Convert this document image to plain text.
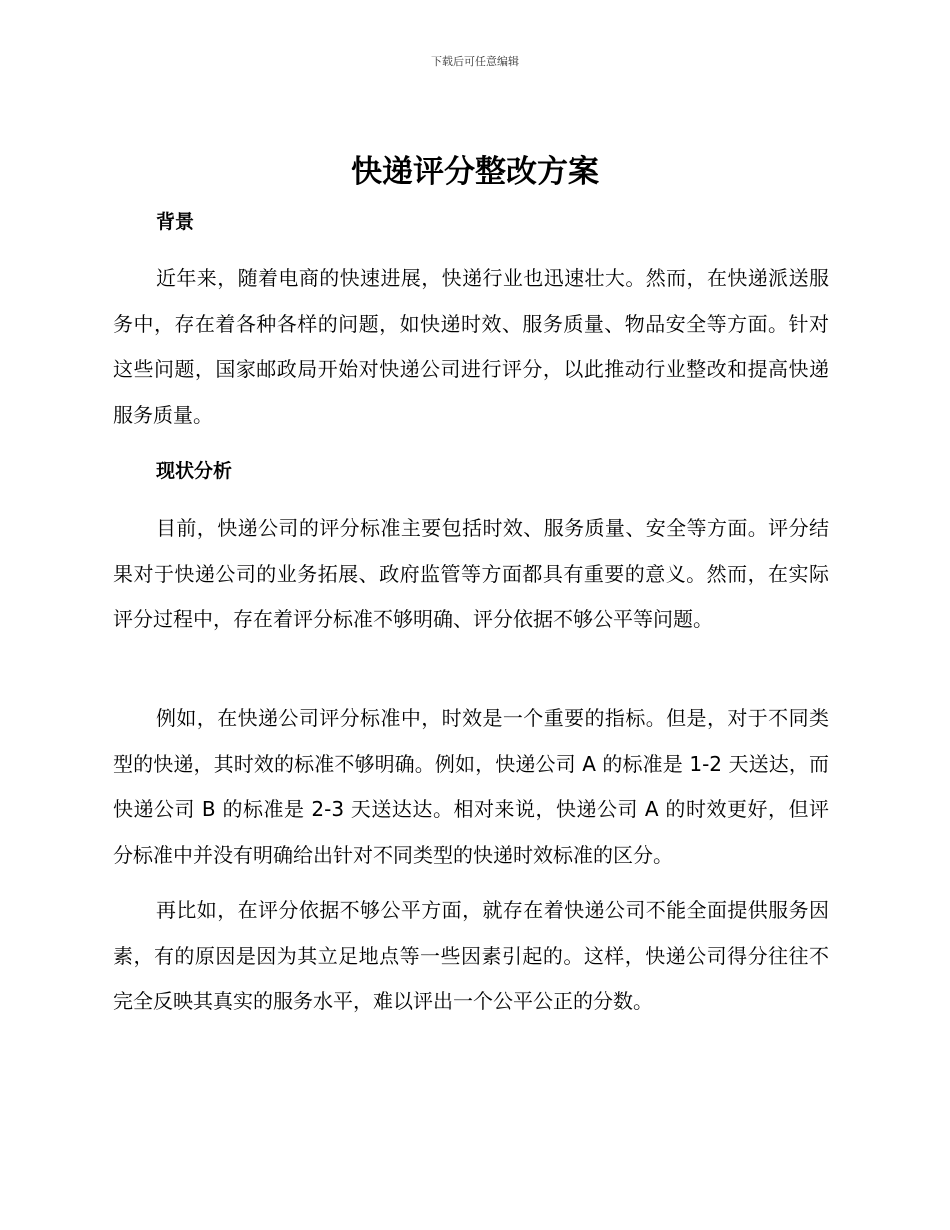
下载后可任意编辑
快递评分整改方案
背景

近年来，随着电商的快速进展，快递行业也迅速壮大。然而，在快递派送服务中，存在着各种各样的问题，如快递时效、服务质量、物品安全等方面。针对这些问题，国家邮政局开始对快递公司进行评分，以此推动行业整改和提高快递服务质量。

现状分析

目前，快递公司的评分标准主要包括时效、服务质量、安全等方面。评分结果对于快递公司的业务拓展、政府监管等方面都具有重要的意义。然而，在实际评分过程中，存在着评分标准不够明确、评分依据不够公平等问题。

例如，在快递公司评分标准中，时效是一个重要的指标。但是，对于不同类型的快递，其时效的标准不够明确。例如，快递公司 A 的标准是 1-2 天送达，而快递公司 B 的标准是 2-3 天送达达。相对来说，快递公司 A 的时效更好，但评分标准中并没有明确给出针对不同类型的快递时效标准的区分。

再比如，在评分依据不够公平方面，就存在着快递公司不能全面提供服务因素，有的原因是因为其立足地点等一些因素引起的。这样，快递公司得分往往不完全反映其真实的服务水平，难以评出一个公平公正的分数。
